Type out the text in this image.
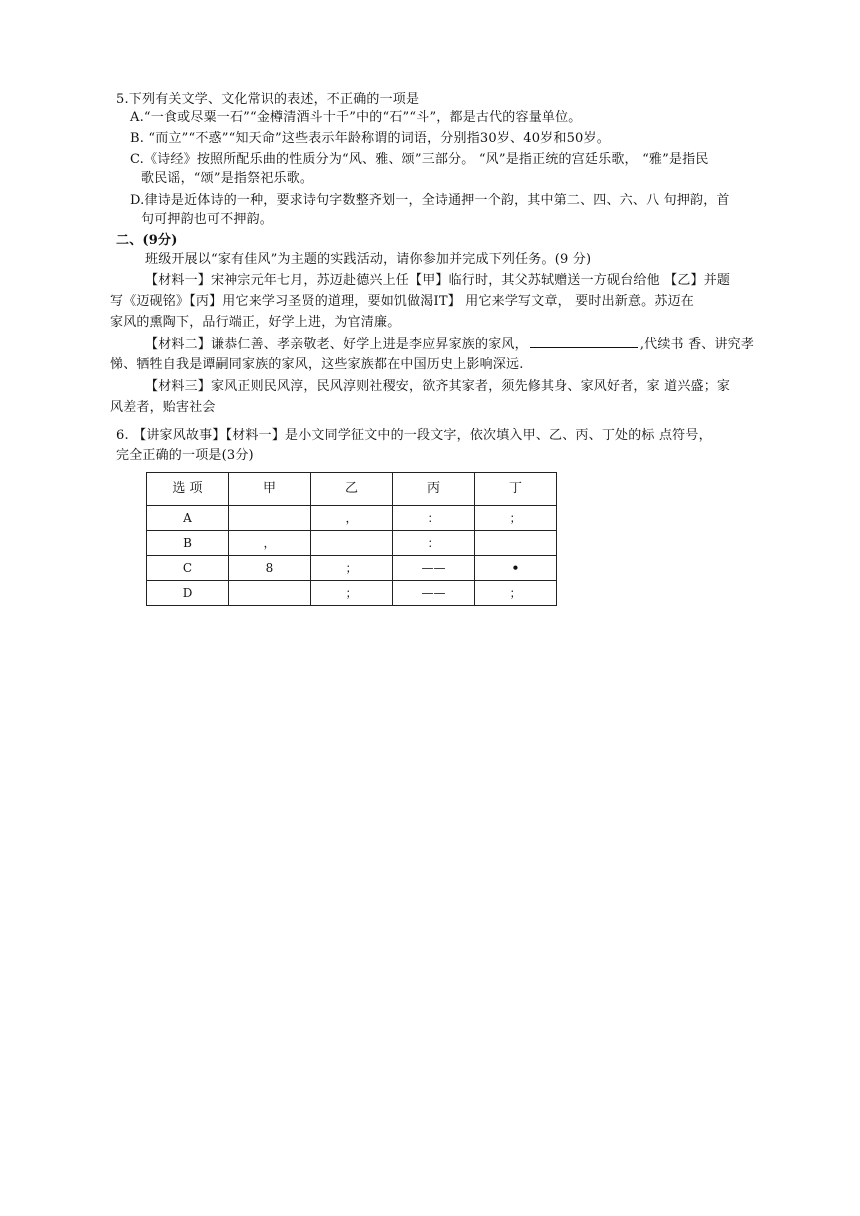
5.下列有关文学、文化常识的表述，不正确的一项是
A.“一食或尽粟一石”“金樽清酒斗十千”中的“石”“斗”，都是古代的容量单位。
B. “而立”“不惑”“知天命”这些表示年龄称谓的词语，分别指30岁、40岁和50岁。
C.《诗经》按照所配乐曲的性质分为“风、雅、颂”三部分。 “风”是指正统的宫廷乐歌， “雅”是指民
歌民谣，“颂”是指祭祀乐歌。
D.律诗是近体诗的一种，要求诗句字数整齐划一，全诗通押一个韵，其中第二、四、六、八 句押韵，首
句可押韵也可不押韵。
二、(9分)
班级开展以“家有佳风”为主题的实践活动，请你参加并完成下列任务。(9 分)
【材料一】宋神宗元年七月，苏迈赴德兴上任【甲】临行时，其父苏轼赠送一方砚台给他 【乙】并题
写《迈砚铭》【丙】用它来学习圣贤的道理，要如饥做渴IT】 用它来学写文章， 要时出新意。苏迈在
家风的熏陶下，品行端正，好学上进，为官清廉。
【材料二】谦恭仁善、孝亲敬老、好学上进是李应昇家族的家风，	,代续书 香、讲究孝
悌、牺牲自我是谭嗣同家族的家风，这些家族都在中国历史上影响深远.
【材料三】家风正则民风淳，民风淳则社稷安，欲齐其家者，须先修其身、家风好者，家 道兴盛；家
风差者，贻害社会
6. 【讲家风故事】【材料一】是小文同学征文中的一段文字，依次填入甲、乙、丙、丁处的标 点符号，
完全正确的一项是(3分)
选 项	甲	乙	丙	丁
A		，	：	；
B	，		：	
C	8	；	——	•
D		；	——	；
